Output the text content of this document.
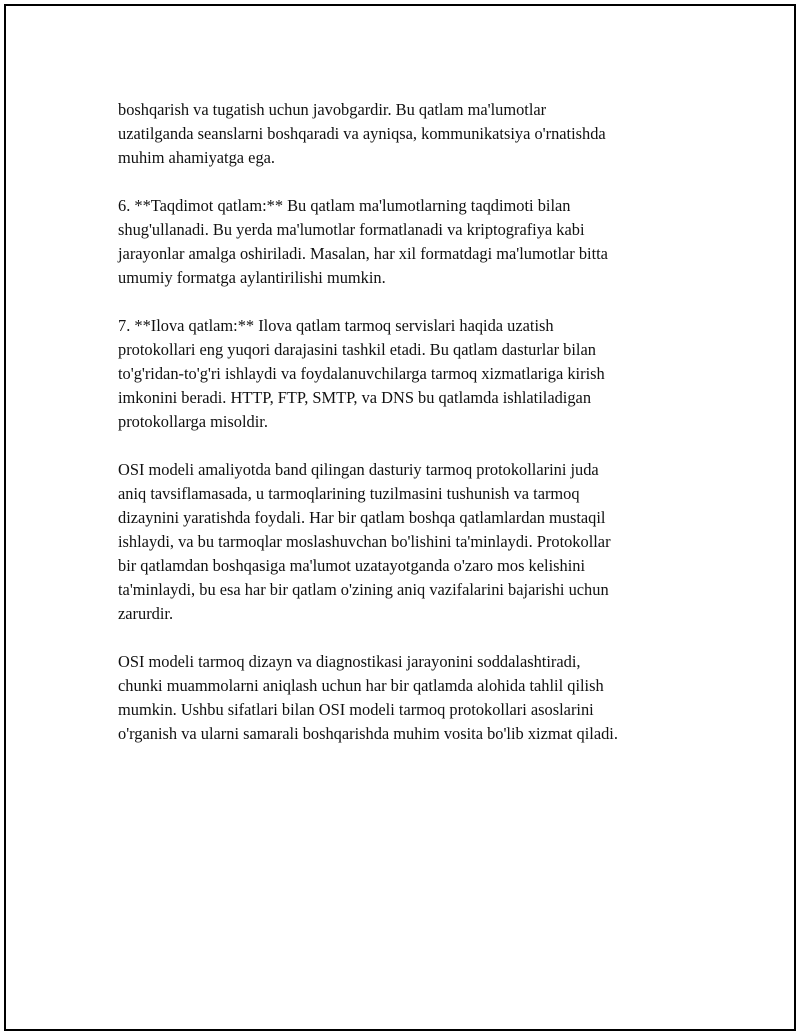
boshqarish va tugatish uchun javobgardir. Bu qatlam ma'lumotlar
uzatilganda seanslarni boshqaradi va ayniqsa, kommunikatsiya o'rnatishda
muhim ahamiyatga ega.

6. **Taqdimot qatlam:** Bu qatlam ma'lumotlarning taqdimoti bilan
shug'ullanadi. Bu yerda ma'lumotlar formatlanadi va kriptografiya kabi
jarayonlar amalga oshiriladi. Masalan, har xil formatdagi ma'lumotlar bitta
umumiy formatga aylantirilishi mumkin.

7. **Ilova qatlam:** Ilova qatlam tarmoq servislari haqida uzatish
protokollari eng yuqori darajasini tashkil etadi. Bu qatlam dasturlar bilan
to'g'ridan-to'g'ri ishlaydi va foydalanuvchilarga tarmoq xizmatlariga kirish
imkonini beradi. HTTP, FTP, SMTP, va DNS bu qatlamda ishlatiladigan
protokollarga misoldir.

OSI modeli amaliyotda band qilingan dasturiy tarmoq protokollarini juda
aniq tavsiflamasada, u tarmoqlarining tuzilmasini tushunish va tarmoq
dizaynini yaratishda foydali. Har bir qatlam boshqa qatlamlardan mustaqil
ishlaydi, va bu tarmoqlar moslashuvchan bo'lishini ta'minlaydi. Protokollar
bir qatlamdan boshqasiga ma'lumot uzatayotganda o'zaro mos kelishini
ta'minlaydi, bu esa har bir qatlam o'zining aniq vazifalarini bajarishi uchun
zarurdir.

OSI modeli tarmoq dizayn va diagnostikasi jarayonini soddalashtiradi,
chunki muammolarni aniqlash uchun har bir qatlamda alohida tahlil qilish
mumkin. Ushbu sifatlari bilan OSI modeli tarmoq protokollari asoslarini
o'rganish va ularni samarali boshqarishda muhim vosita bo'lib xizmat qiladi.
